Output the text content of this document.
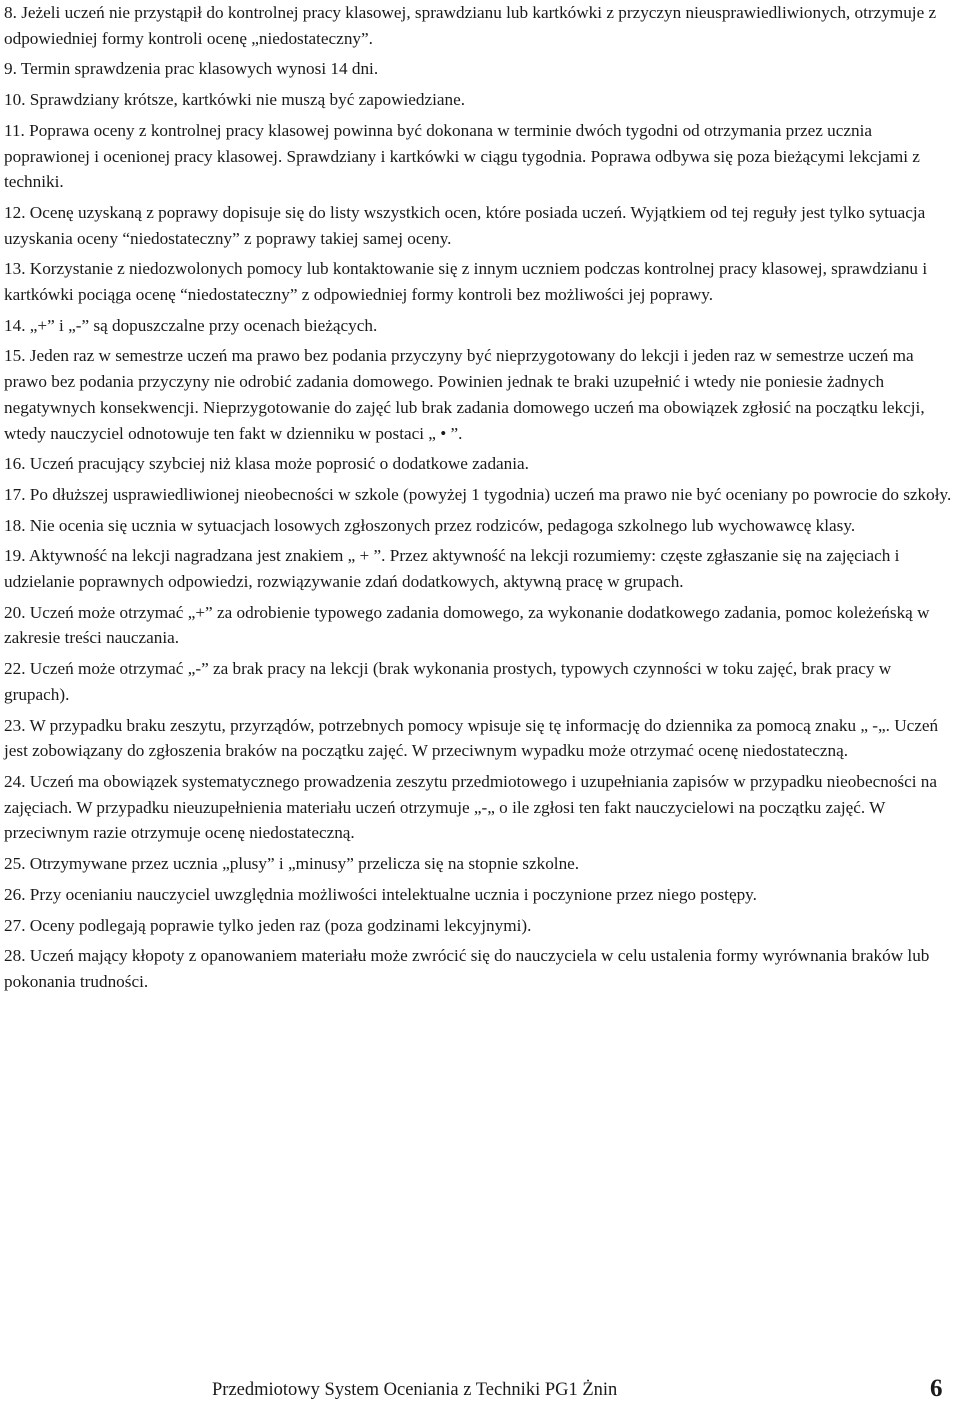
8. Jeżeli uczeń nie przystąpił do kontrolnej pracy klasowej, sprawdzianu lub kartkówki z przyczyn nieusprawiedliwionych, otrzymuje z odpowiedniej formy kontroli ocenę „niedostateczny”.

9. Termin sprawdzenia prac klasowych wynosi 14 dni.

10. Sprawdziany krótsze, kartkówki nie muszą być zapowiedziane.

11. Poprawa oceny z kontrolnej pracy klasowej powinna być dokonana w terminie dwóch tygodni od otrzymania przez ucznia poprawionej i ocenionej pracy klasowej. Sprawdziany i kartkówki w ciągu tygodnia. Poprawa odbywa się poza bieżącymi lekcjami z techniki.

12. Ocenę uzyskaną z poprawy dopisuje się do listy wszystkich ocen, które posiada uczeń. Wyjątkiem od tej reguły jest tylko sytuacja uzyskania oceny “niedostateczny” z poprawy takiej samej oceny.

13. Korzystanie z niedozwolonych pomocy lub kontaktowanie się z innym uczniem podczas kontrolnej pracy klasowej, sprawdzianu i kartkówki pociąga ocenę “niedostateczny” z odpowiedniej formy kontroli bez możliwości jej poprawy.

14. „+” i „-” są dopuszczalne przy ocenach bieżących.

15. Jeden raz w semestrze uczeń ma prawo bez podania przyczyny być nieprzygotowany do lekcji i jeden raz w semestrze uczeń ma prawo bez podania przyczyny nie odrobić zadania domowego. Powinien jednak te braki uzupełnić i wtedy nie poniesie żadnych negatywnych konsekwencji. Nieprzygotowanie do zajęć lub brak zadania domowego uczeń ma obowiązek zgłosić na początku lekcji, wtedy nauczyciel odnotowuje ten fakt w dzienniku w postaci „ • ”.

16. Uczeń pracujący szybciej niż klasa może poprosić o dodatkowe zadania.

17. Po dłuższej usprawiedliwionej nieobecności w szkole (powyżej 1 tygodnia) uczeń ma prawo nie być oceniany po powrocie do szkoły.

18. Nie ocenia się ucznia w sytuacjach losowych zgłoszonych przez rodziców, pedagoga szkolnego lub wychowawcę klasy.

19. Aktywność na lekcji nagradzana jest znakiem „ + ”. Przez aktywność na lekcji rozumiemy: częste zgłaszanie się na zajęciach i udzielanie poprawnych odpowiedzi, rozwiązywanie zdań dodatkowych, aktywną pracę w grupach.

20. Uczeń może otrzymać „+” za odrobienie typowego zadania domowego, za wykonanie dodatkowego zadania, pomoc koleżeńską w zakresie treści nauczania.

22. Uczeń może otrzymać „-” za brak pracy na lekcji (brak wykonania prostych, typowych czynności w toku zajęć, brak pracy w grupach).

23. W przypadku braku zeszytu, przyrządów, potrzebnych pomocy wpisuje się tę informację do dziennika za pomocą znaku „ -„. Uczeń jest zobowiązany do zgłoszenia braków na początku zajęć. W przeciwnym wypadku może otrzymać ocenę niedostateczną.

24. Uczeń ma obowiązek systematycznego prowadzenia zeszytu przedmiotowego i uzupełniania zapisów w przypadku nieobecności na zajęciach. W przypadku nieuzupełnienia materiału uczeń otrzymuje „-„ o ile zgłosi ten fakt nauczycielowi na początku zajęć. W przeciwnym razie otrzymuje ocenę niedostateczną.

25. Otrzymywane przez ucznia „plusy” i „minusy” przelicza się na stopnie szkolne.

26. Przy ocenianiu nauczyciel uwzględnia możliwości intelektualne ucznia i poczynione przez niego postępy.

27. Oceny podlegają poprawie tylko jeden raz (poza godzinami lekcyjnymi).

28. Uczeń mający kłopoty z opanowaniem materiału może zwrócić się do nauczyciela w celu ustalenia formy wyrównania braków lub pokonania trudności.

Przedmiotowy System Oceniania z Techniki PG1 Żnin	6
